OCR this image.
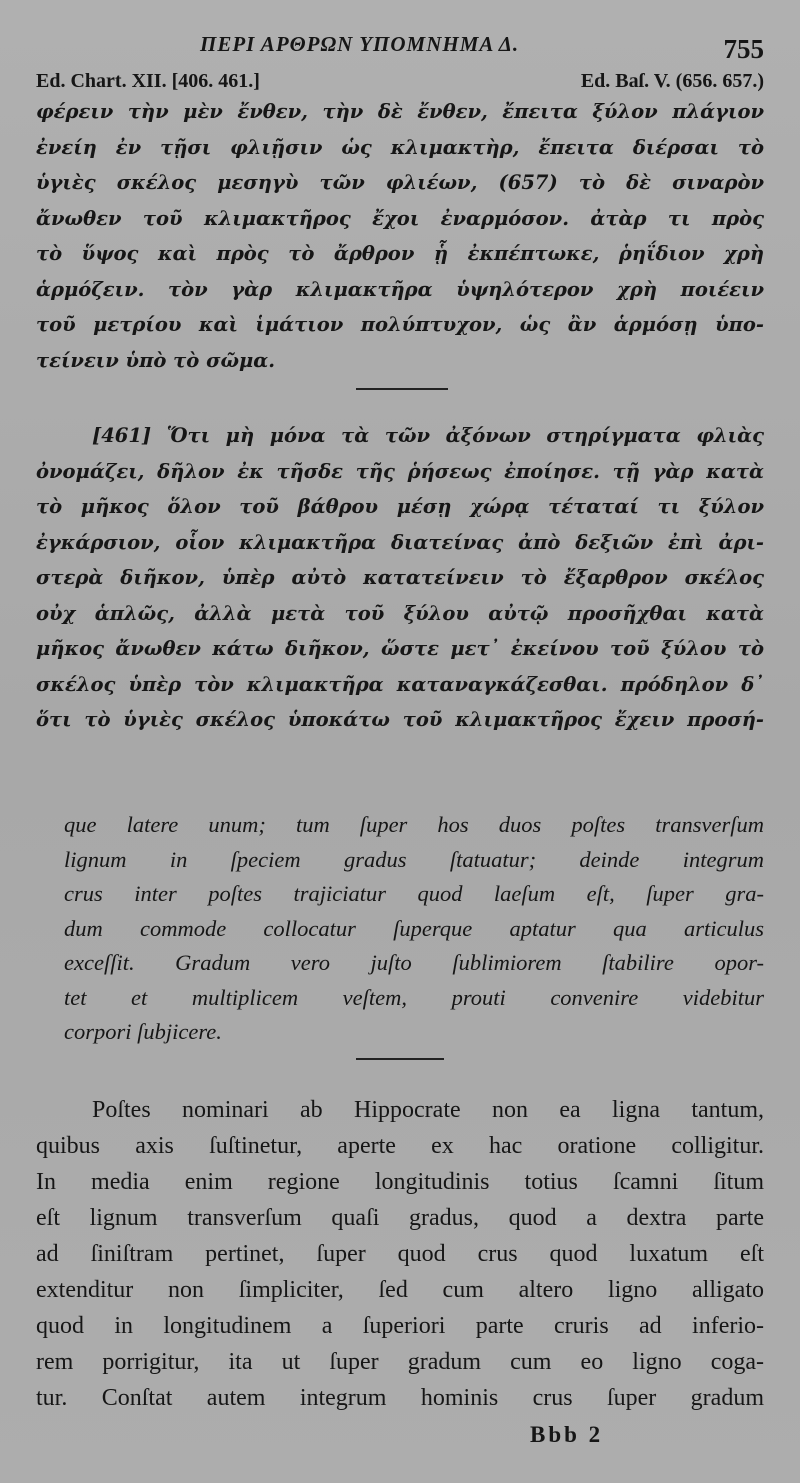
ΠΕΡΙ ΑΡΘΡΩΝ ΥΠΟΜΝΗΜΑ Δ.	755
Ed. Chart. XII. [406. 461.]	Ed. Baſ. V. (656. 657.)
φέρειν τὴν μὲν ἔνθεν, τὴν δὲ ἔνθεν, ἔπειτα ξύλον πλάγιον
ἐνείη ἐν τῇσι φλιῇσιν ὡς κλιμακτὴρ, ἔπειτα διέρσαι τὸ
ὑγιὲς σκέλος μεσηγὺ τῶν φλιέων, (657) τὸ δὲ σιναρὸν
ἄνωθεν τοῦ κλιμακτῆρος ἔχοι ἐναρμόσον. ἀτὰρ τι πρὸς
τὸ ὕψος καὶ πρὸς τὸ ἄρθρον ᾗ ἐκπέπτωκε, ῥηΐδιον χρὴ
ἁρμόζειν. τὸν γὰρ κλιμακτῆρα ὑψηλότερον χρὴ ποιέειν
τοῦ μετρίου καὶ ἱμάτιον πολύπτυχον, ὡς ἂν ἁρμόσῃ ὑπο-
τείνειν ὑπὸ τὸ σῶμα.
[461] Ὅτι μὴ μόνα τὰ τῶν ἀξόνων στηρίγματα φλιὰς
ὀνομάζει, δῆλον ἐκ τῆσδε τῆς ῥήσεως ἐποίησε. τῇ γὰρ κατὰ
τὸ μῆκος ὅλον τοῦ βάθρου μέσῃ χώρᾳ τέταταί τι ξύλον
ἐγκάρσιον, οἷον κλιμακτῆρα διατείνας ἀπὸ δεξιῶν ἐπὶ ἀρι-
στερὰ διῆκον, ὑπὲρ αὐτὸ κατατείνειν τὸ ἔξαρθρον σκέλος
οὐχ ἁπλῶς, ἀλλὰ μετὰ τοῦ ξύλου αὐτῷ προσῆχθαι κατὰ
μῆκος ἄνωθεν κάτω διῆκον, ὥστε μετ᾽ ἐκείνου τοῦ ξύλου τὸ
σκέλος ὑπὲρ τὸν κλιμακτῆρα καταναγκάζεσθαι. πρόδηλον δ᾽
ὅτι τὸ ὑγιὲς σκέλος ὑποκάτω τοῦ κλιμακτῆρος ἔχειν προσή-
que latere unum; tum ſuper hos duos poſtes transverſum
lignum in ſpeciem gradus ſtatuatur; deinde integrum
crus inter poſtes trajiciatur quod laeſum eſt, ſuper gra-
dum commode collocatur ſuperque aptatur qua articulus
exceſſit. Gradum vero juſto ſublimiorem ſtabilire opor-
tet et multiplicem veſtem, prouti convenire videbitur
corpori ſubjicere.
Poſtes nominari ab Hippocrate non ea ligna tantum,
quibus axis ſuſtinetur, aperte ex hac oratione colligitur.
In media enim regione longitudinis totius ſcamni ſitum
eſt lignum transverſum quaſi gradus, quod a dextra parte
ad ſiniſtram pertinet, ſuper quod crus quod luxatum eſt
extenditur non ſimpliciter, ſed cum altero ligno alligato
quod in longitudinem a ſuperiori parte cruris ad inferio-
rem porrigitur, ita ut ſuper gradum cum eo ligno coga-
tur. Conſtat autem integrum hominis crus ſuper gradum
Bbb 2
